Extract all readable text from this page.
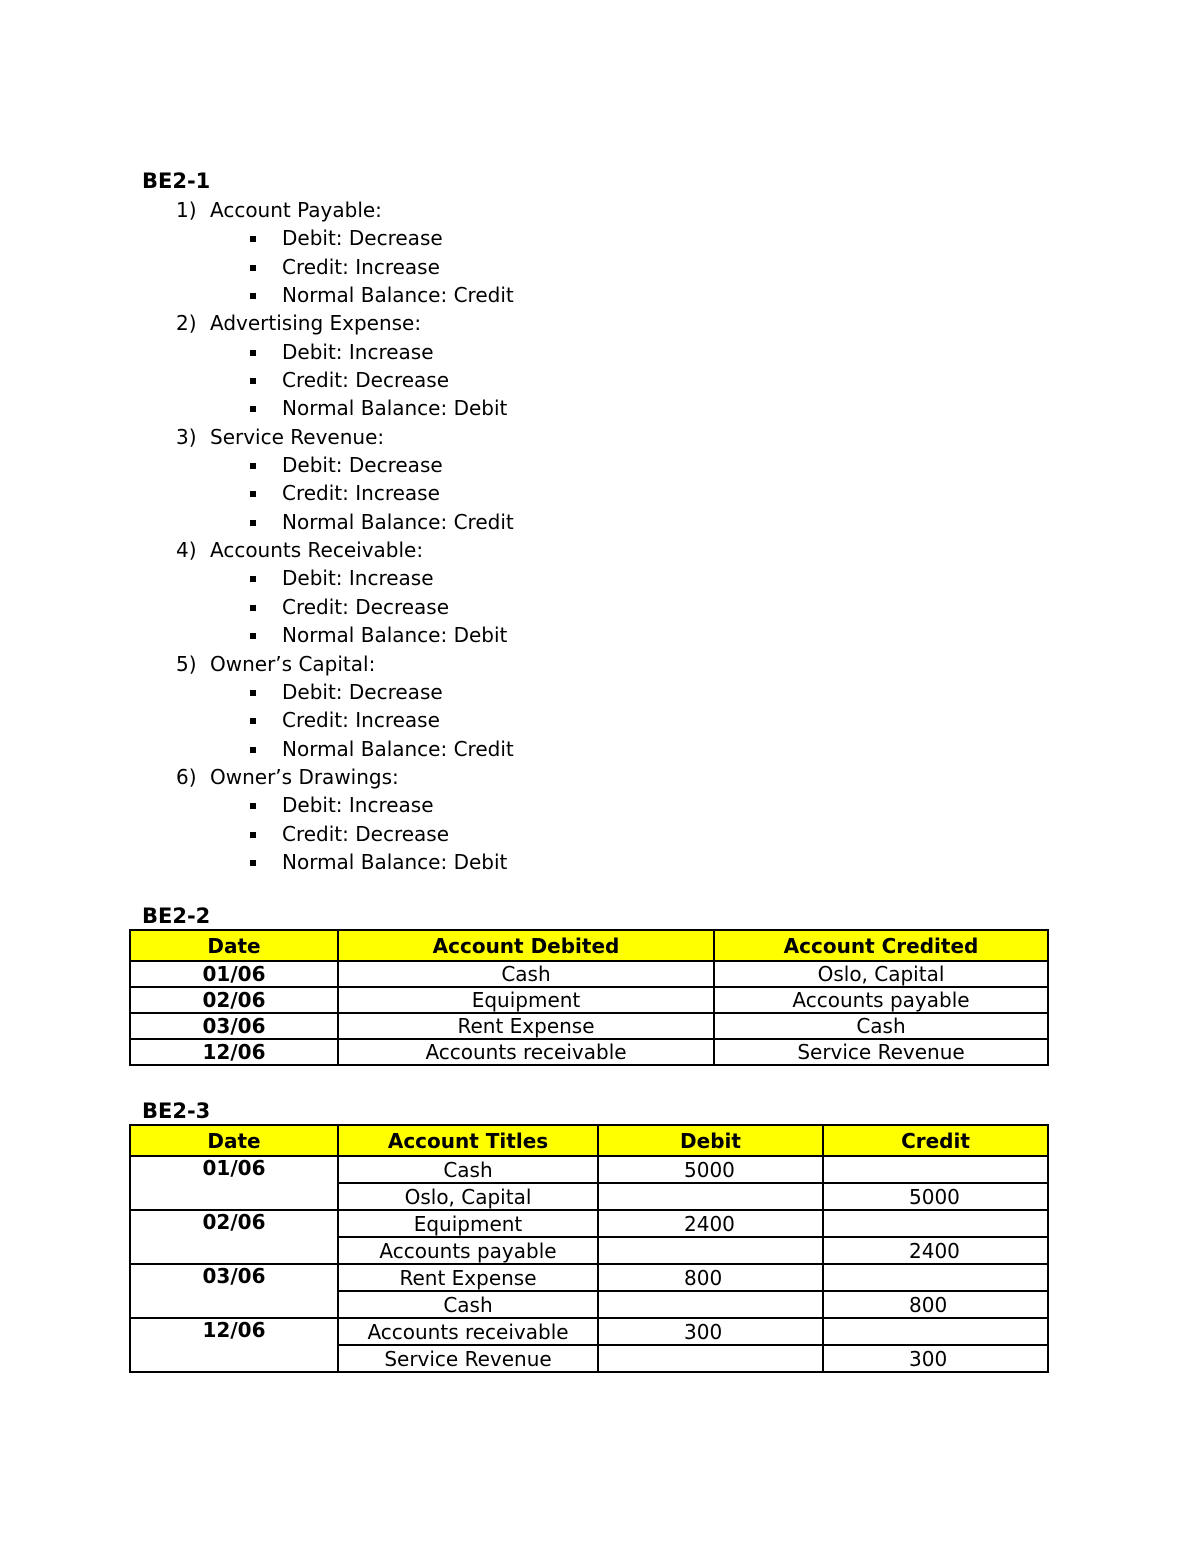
BE2-1
1) Account Payable:
Debit: Decrease
Credit: Increase
Normal Balance: Credit
2) Advertising Expense:
Debit: Increase
Credit: Decrease
Normal Balance: Debit
3) Service Revenue:
Debit: Decrease
Credit: Increase
Normal Balance: Credit
4) Accounts Receivable:
Debit: Increase
Credit: Decrease
Normal Balance: Debit
5) Owner’s Capital:
Debit: Decrease
Credit: Increase
Normal Balance: Credit
6) Owner’s Drawings:
Debit: Increase
Credit: Decrease
Normal Balance: Debit
BE2-2
Date	Account Debited	Account Credited
01/06	Cash	Oslo, Capital
02/06	Equipment	Accounts payable
03/06	Rent Expense	Cash
12/06	Accounts receivable	Service Revenue
BE2-3
Date	Account Titles	Debit	Credit
01/06	Cash	5000	
	Oslo, Capital		5000
02/06	Equipment	2400	
	Accounts payable		2400
03/06	Rent Expense	800	
	Cash		800
12/06	Accounts receivable	300	
	Service Revenue		300
